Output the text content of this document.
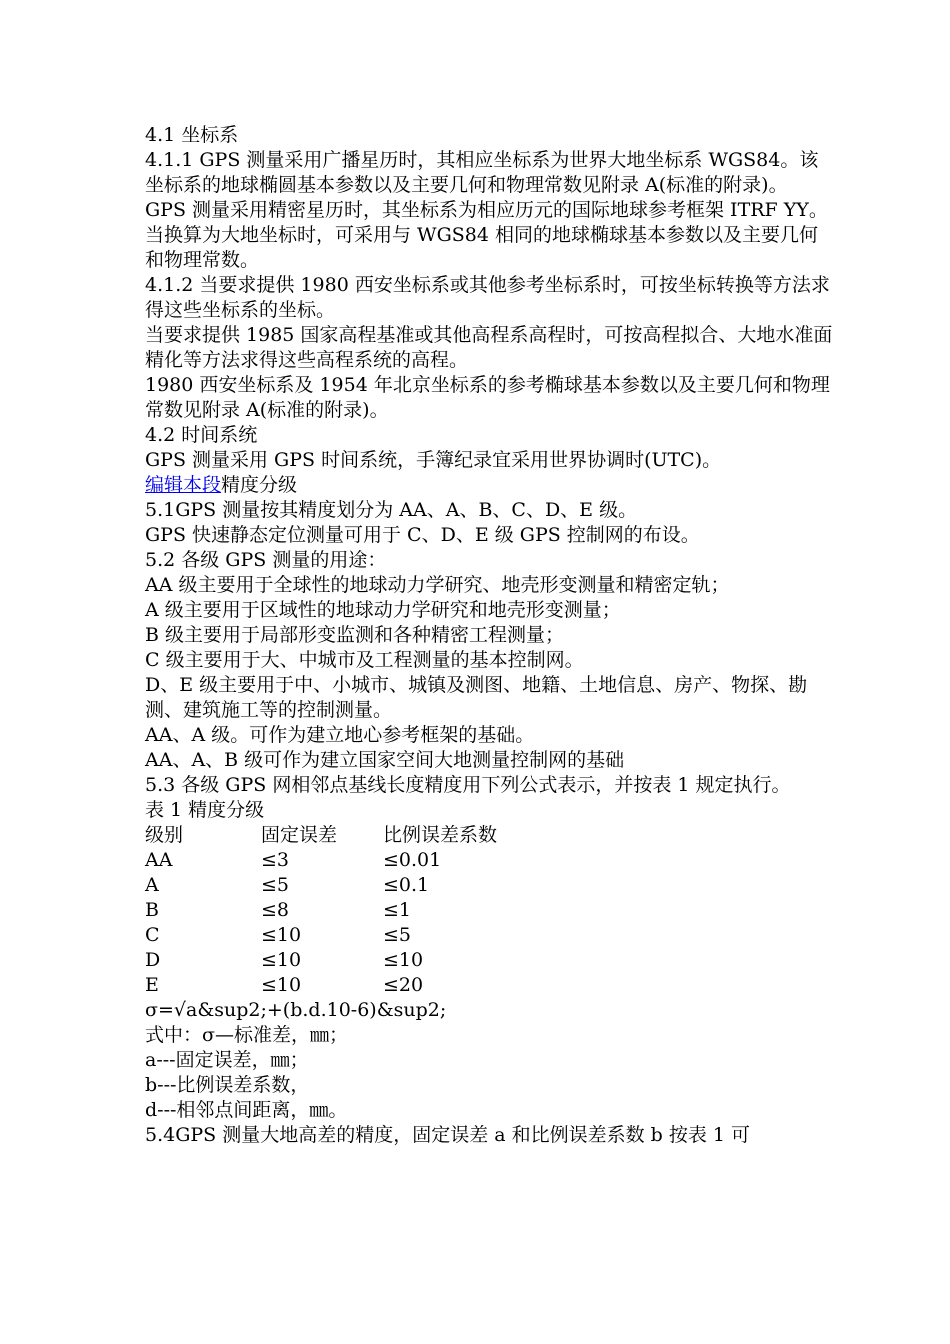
4.1 坐标系

4.1.1 GPS 测量采用广播星历时，其相应坐标系为世界大地坐标系 WGS84。该坐标系的地球椭圆基本参数以及主要几何和物理常数见附录 A(标准的附录)。

GPS 测量采用精密星历时，其坐标系为相应历元的国际地球参考框架 ITRF YY。当换算为大地坐标时，可采用与 WGS84 相同的地球椭球基本参数以及主要几何和物理常数。

4.1.2 当要求提供 1980 西安坐标系或其他参考坐标系时，可按坐标转换等方法求得这些坐标系的坐标。

当要求提供 1985 国家高程基准或其他高程系高程时，可按高程拟合、大地水准面精化等方法求得这些高程系统的高程。

1980 西安坐标系及 1954 年北京坐标系的参考椭球基本参数以及主要几何和物理常数见附录 A(标准的附录)。

4.2 时间系统

GPS 测量采用 GPS 时间系统，手簿纪录宜采用世界协调时(UTC)。

编辑本段精度分级

5.1GPS 测量按其精度划分为 AA、A、B、C、D、E 级。

GPS 快速静态定位测量可用于 C、D、E 级 GPS 控制网的布设。

5.2 各级 GPS 测量的用途：

AA 级主要用于全球性的地球动力学研究、地壳形变测量和精密定轨；

A 级主要用于区域性的地球动力学研究和地壳形变测量；

B 级主要用于局部形变监测和各种精密工程测量；

C 级主要用于大、中城市及工程测量的基本控制网。

D、E 级主要用于中、小城市、城镇及测图、地籍、土地信息、房产、物探、勘测、建筑施工等的控制测量。

AA、A 级。可作为建立地心参考框架的基础。

AA、A、B 级可作为建立国家空间大地测量控制网的基础

5.3 各级 GPS 网相邻点基线长度精度用下列公式表示，并按表 1 规定执行。

表 1 精度分级

级别	固定误差	比例误差系数
AA	≤3	≤0.01
A	≤5	≤0.1
B	≤8	≤1
C	≤10	≤5
D	≤10	≤10
E	≤10	≤20

σ=√a&sup2;+(b.d.10-6)&sup2;

式中：σ—标准差，㎜；

a---固定误差，㎜；

b---比例误差系数，

d---相邻点间距离，㎜。

5.4GPS 测量大地高差的精度，固定误差 a 和比例误差系数 b 按表 1 可
